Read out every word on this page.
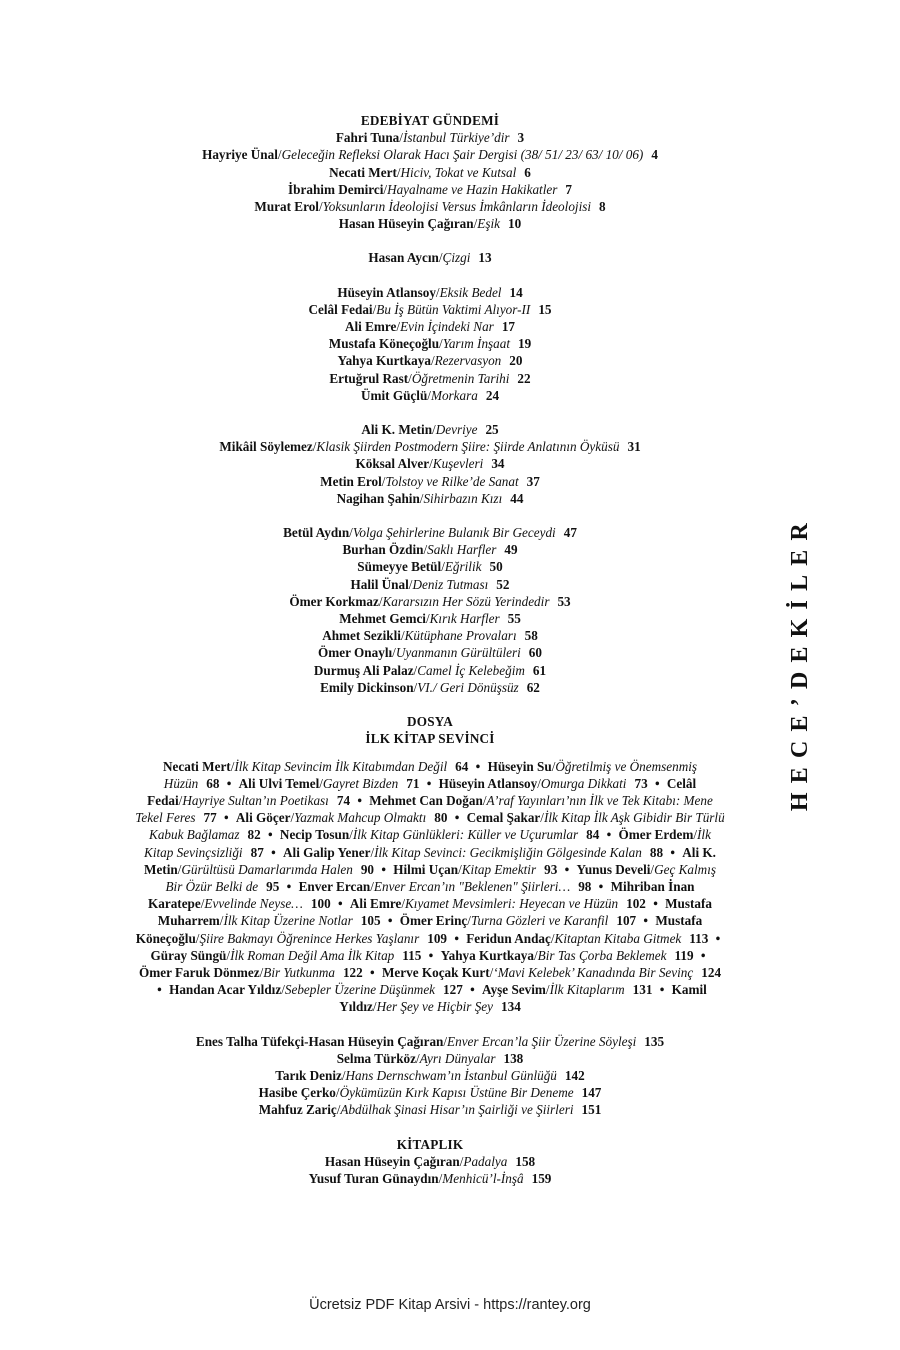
EDEBİYAT GÜNDEMİ
Fahri Tuna/İstanbul Türkiye’dir 3
Hayriye Ünal/Geleceğin Refleksi Olarak Hacı Şair Dergisi (38/ 51/ 23/ 63/ 10/ 06) 4
Necati Mert/Hiciv, Tokat ve Kutsal 6
İbrahim Demirci/Hayalname ve Hazin Hakikatler 7
Murat Erol/Yoksunların İdeolojisi Versus İmkânların İdeolojisi 8
Hasan Hüseyin Çağıran/Eşik 10
Hasan Aycın/Çizgi 13
Hüseyin Atlansoy/Eksik Bedel 14
Celâl Fedai/Bu İş Bütün Vaktimi Alıyor-II 15
Ali Emre/Evin İçindeki Nar 17
Mustafa Köneçoğlu/Yarım İnşaat 19
Yahya Kurtkaya/Rezervasyon 20
Ertuğrul Rast/Öğretmenin Tarihi 22
Ümit Güçlü/Morkara 24
Ali K. Metin/Devriye 25
Mikâil Söylemez/Klasik Şiirden Postmodern Şiire: Şiirde Anlatının Öyküsü 31
Köksal Alver/Kuşevleri 34
Metin Erol/Tolstoy ve Rilke’de Sanat 37
Nagihan Şahin/Sihirbazın Kızı 44
Betül Aydın/Volga Şehirlerine Bulanık Bir Geceydi 47
Burhan Özdin/Saklı Harfler 49
Sümeyye Betül/Eğrilik 50
Halil Ünal/Deniz Tutması 52
Ömer Korkmaz/Kararsızın Her Sözü Yerindedir 53
Mehmet Gemci/Kırık Harfler 55
Ahmet Sezikli/Kütüphane Provaları 58
Ömer Onaylı/Uyanmanın Gürültüleri 60
Durmuş Ali Palaz/Camel İç Kelebeğim 61
Emily Dickinson/VI./ Geri Dönüşsüz 62
DOSYA
İLK KİTAP SEVİNCİ
Necati Mert/İlk Kitap Sevincim İlk Kitabımdan Değil 64 • Hüseyin Su/Öğretilmiş ve Önemsenmiş Hüzün 68 • Ali Ulvi Temel/Gayret Bizden 71 • Hüseyin Atlansoy/Omurga Dikkati 73 • Celâl Fedai/Hayriye Sultan’ın Poetikası 74 • Mehmet Can Doğan/A’raf Yayınları’nın İlk ve Tek Kitabı: Mene Tekel Feres 77 • Ali Göçer/Yazmak Mahcup Olmaktı 80 • Cemal Şakar/İlk Kitap İlk Aşk Gibidir Bir Türlü Kabuk Bağlamaz 82 • Necip Tosun/İlk Kitap Günlükleri: Küller ve Uçurumlar 84 • Ömer Erdem/İlk Kitap Sevinçsizliği 87 • Ali Galip Yener/İlk Kitap Sevinci: Gecikmişliğin Gölgesinde Kalan 88 • Ali K. Metin/Gürültüsü Damarlarımda Halen 90 • Hilmi Uçan/Kitap Emektir 93 • Yunus Develi/Geç Kalmış Bir Özür Belki de 95 • Enver Ercan/Enver Ercan’ın "Beklenen" Şiirleri… 98 • Mihriban İnan Karatepe/Evvelinde Neyse… 100 • Ali Emre/Kıyamet Mevsimleri: Heyecan ve Hüzün 102 • Mustafa Muharrem/İlk Kitap Üzerine Notlar 105 • Ömer Erinç/Turna Gözleri ve Karanfil 107 • Mustafa Köneçoğlu/Şiire Bakmayı Öğrenince Herkes Yaşlanır 109 • Feridun Andaç/Kitaptan Kitaba Gitmek 113 • Güray Süngü/İlk Roman Değil Ama İlk Kitap 115 • Yahya Kurtkaya/Bir Tas Çorba Beklemek 119 • Ömer Faruk Dönmez/Bir Yutkunma 122 • Merve Koçak Kurt/‘Mavi Kelebek’ Kanadında Bir Sevinç 124 • Handan Acar Yıldız/Sebepler Üzerine Düşünmek 127 • Ayşe Sevim/İlk Kitaplarım 131 • Kamil Yıldız/Her Şey ve Hiçbir Şey 134
Enes Talha Tüfekçi-Hasan Hüseyin Çağıran/Enver Ercan’la Şiir Üzerine Söyleşi 135
Selma Türköz/Ayrı Dünyalar 138
Tarık Deniz/Hans Dernschwam’ın İstanbul Günlüğü 142
Hasibe Çerko/Öykümüzün Kırk Kapısı Üstüne Bir Deneme 147
Mahfuz Zariç/Abdülhak Şinasi Hisar’ın Şairliği ve Şiirleri 151
KİTAPLIK
Hasan Hüseyin Çağıran/Padalya 158
Yusuf Turan Günaydın/Menhicü’l-İnşâ 159
HECE’DEKİLER
Ücretsiz PDF Kitap Arsivi - https://rantey.org
